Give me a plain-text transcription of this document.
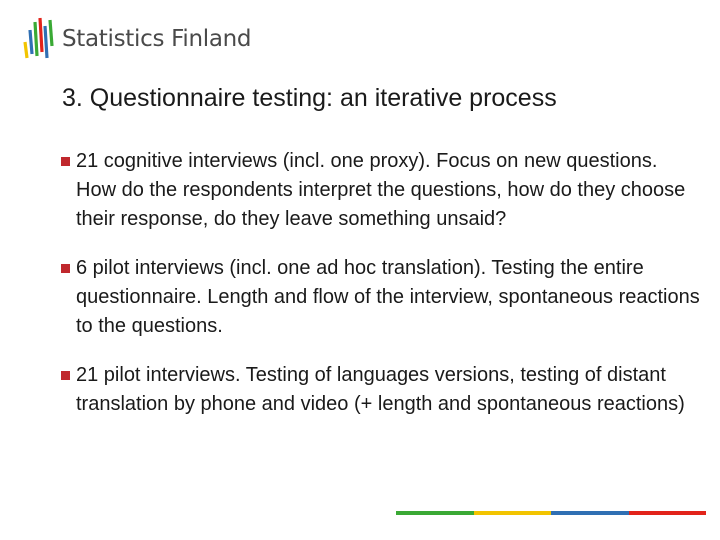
Statistics Finland
3. Questionnaire testing: an iterative process
21 cognitive interviews (incl. one proxy). Focus on new questions. How do the respondents interpret the questions, how do they choose their response, do they leave something unsaid?
6 pilot interviews (incl. one ad hoc translation). Testing the entire questionnaire. Length and flow of the interview, spontaneous reactions to the questions.
21 pilot interviews. Testing of languages versions, testing of distant translation by phone and video (+ length and spontaneous reactions)
